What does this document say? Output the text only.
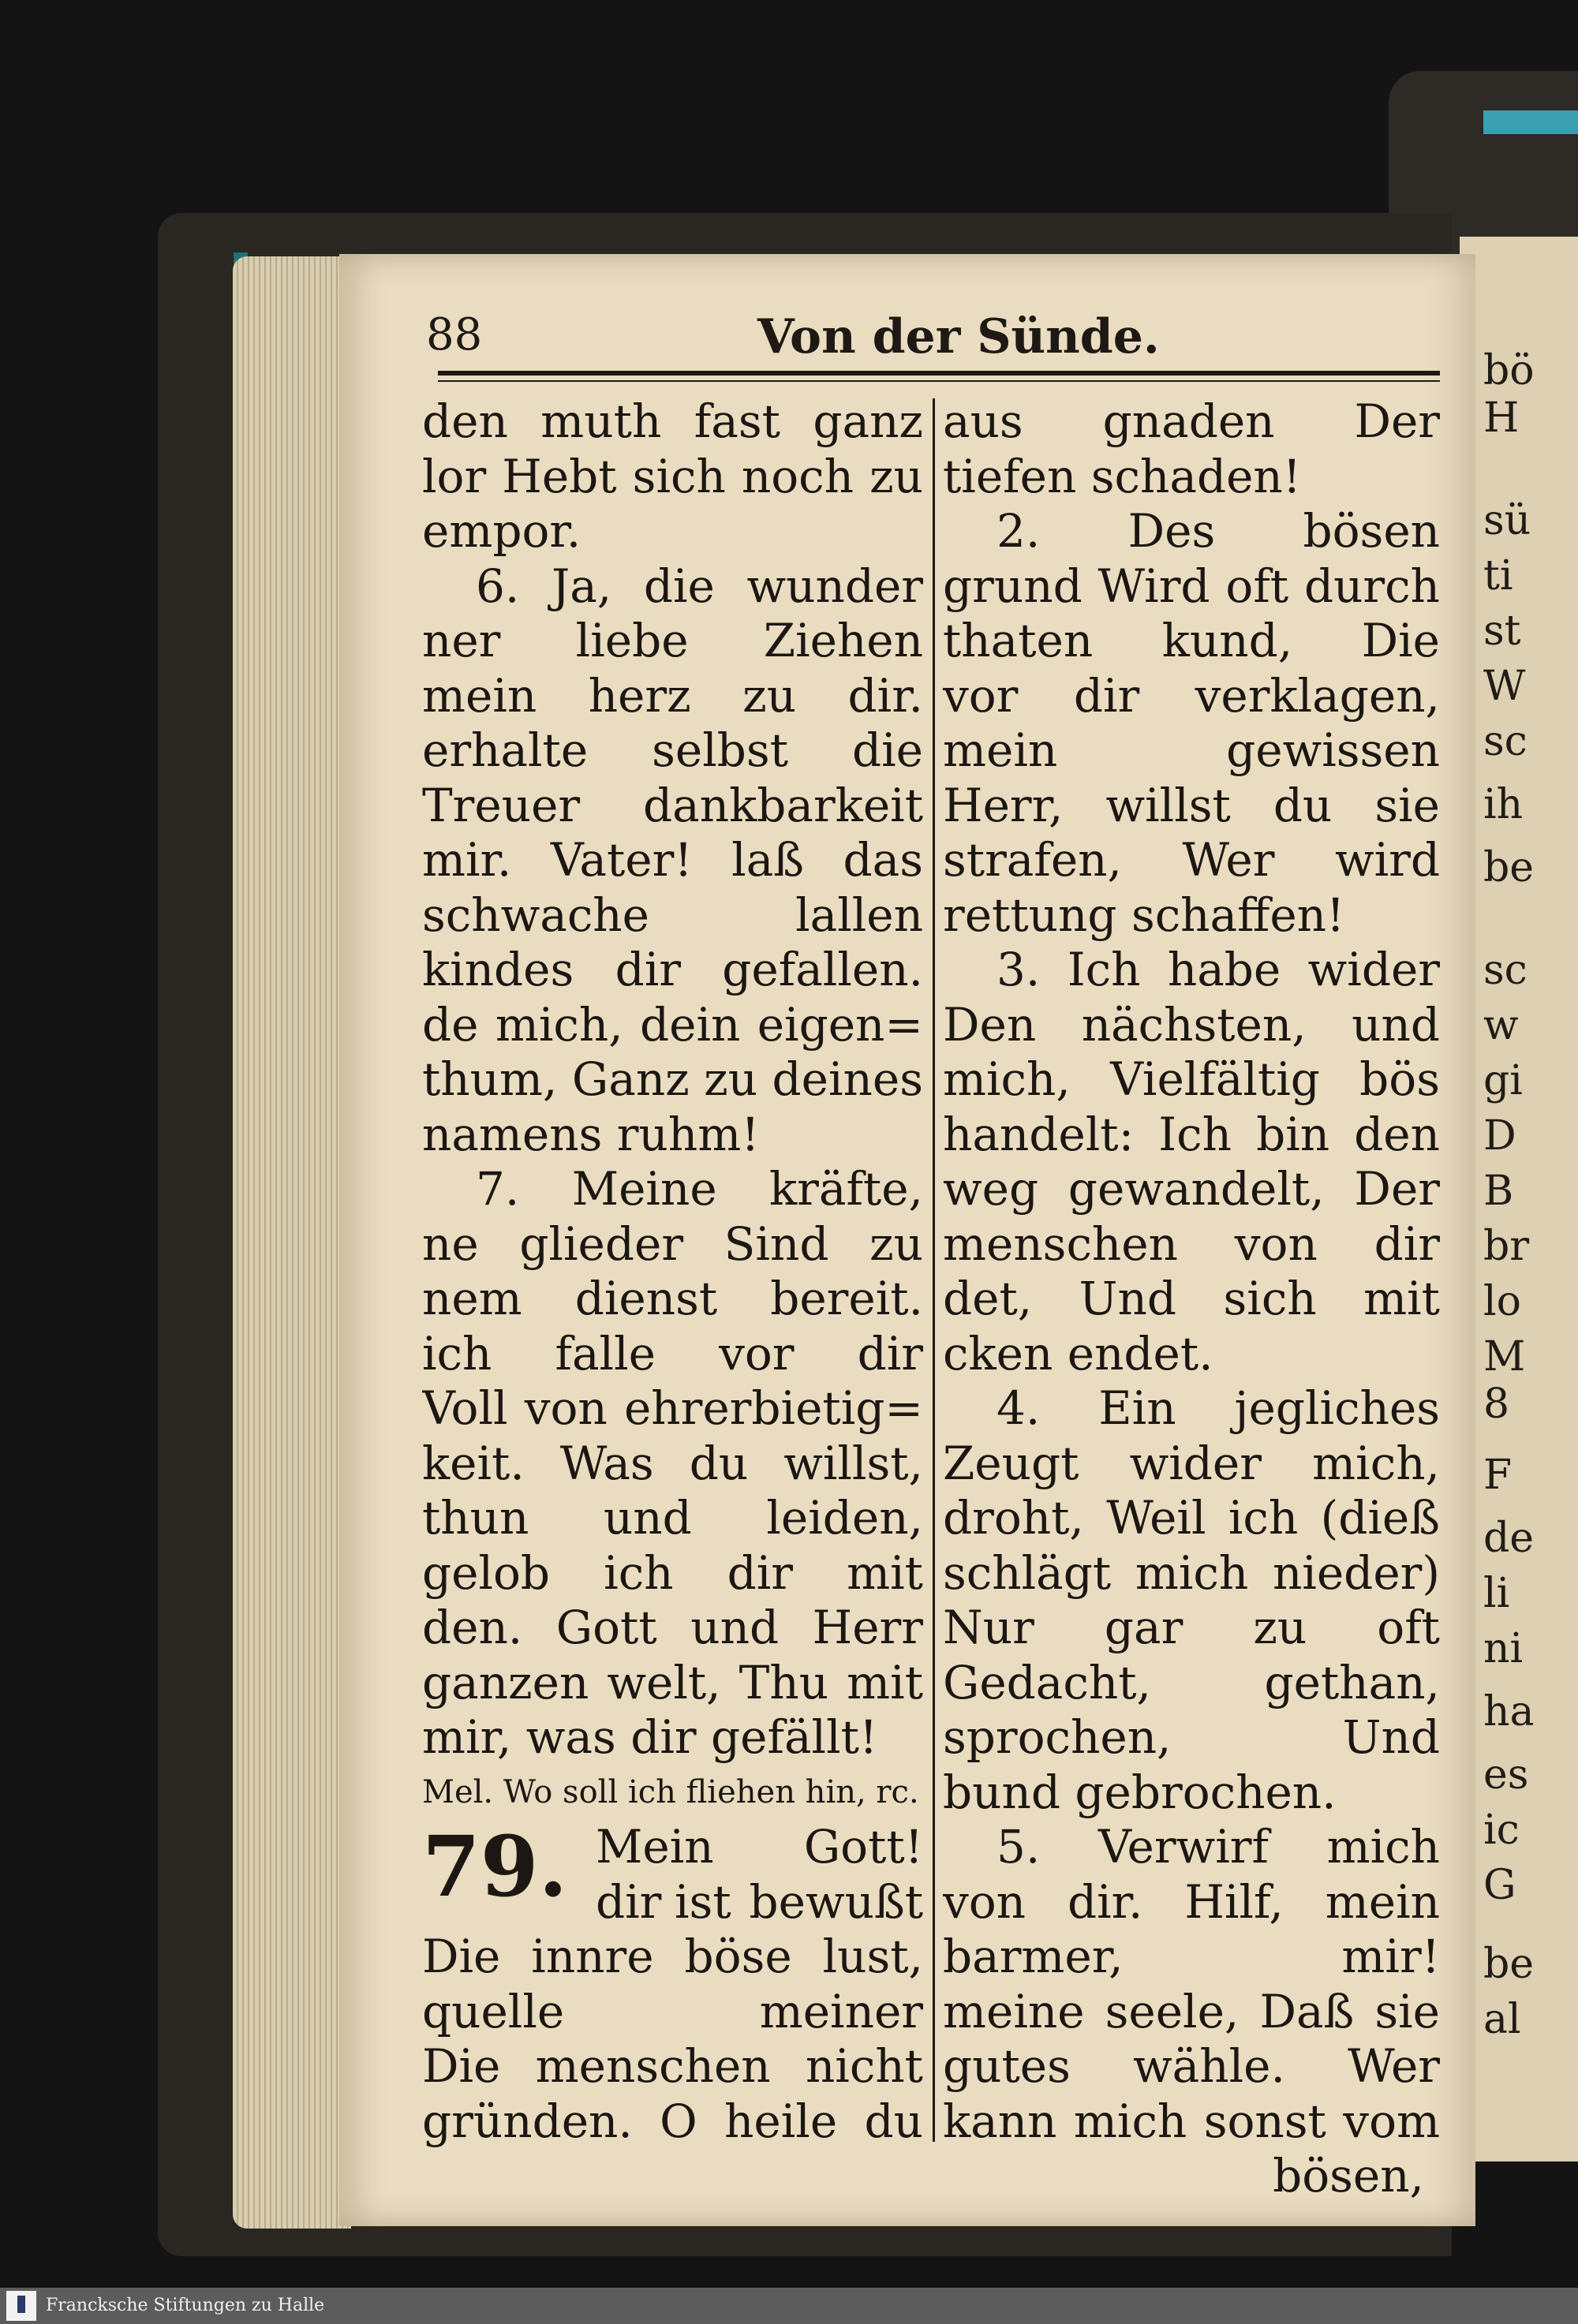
bö
H
sü
ti
st
W
sc
ih
be
sc
w
gi
D
B
br
lo
M
8
F
de
li
ni
ha
es
ic
G
be
al
88	Von der Sünde.
den muth fast ganz
lor Hebt sich noch zu
empor.
6. Ja, die wunder
ner liebe Ziehen
mein herz zu dir.
erhalte selbst die
Treuer dankbarkeit
mir. Vater! laß das
schwache lallen
kindes dir gefallen.
de mich, dein eigen=
thum, Ganz zu deines
namens ruhm!
7. Meine kräfte,
ne glieder Sind zu
nem dienst bereit.
ich falle vor dir
Voll von ehrerbietig=
keit. Was du willst,
thun und leiden,
gelob ich dir mit
den. Gott und Herr
ganzen welt, Thu mit
mir, was dir gefällt!
Mel. Wo soll ich fliehen hin, rc.
79. Mein Gott! dir ist bewußt
Die innre böse lust,
quelle meiner
Die menschen nicht
gründen. O heile du
aus gnaden Der
tiefen schaden!
2. Des bösen
grund Wird oft durch
thaten kund, Die
vor dir verklagen,
mein gewissen
Herr, willst du sie
strafen, Wer wird
rettung schaffen!
3. Ich habe wider
Den nächsten, und
mich, Vielfältig bös
handelt: Ich bin den
weg gewandelt, Der
menschen von dir
det, Und sich mit
cken endet.
4. Ein jegliches
Zeugt wider mich,
droht, Weil ich (dieß
schlägt mich nieder)
Nur gar zu oft
Gedacht, gethan,
sprochen, Und
bund gebrochen.
5. Verwirf mich
von dir. Hilf, mein
barmer, mir!
meine seele, Daß sie
gutes wähle. Wer
kann mich sonst vom
bösen,
Francksche Stiftungen zu Halle
